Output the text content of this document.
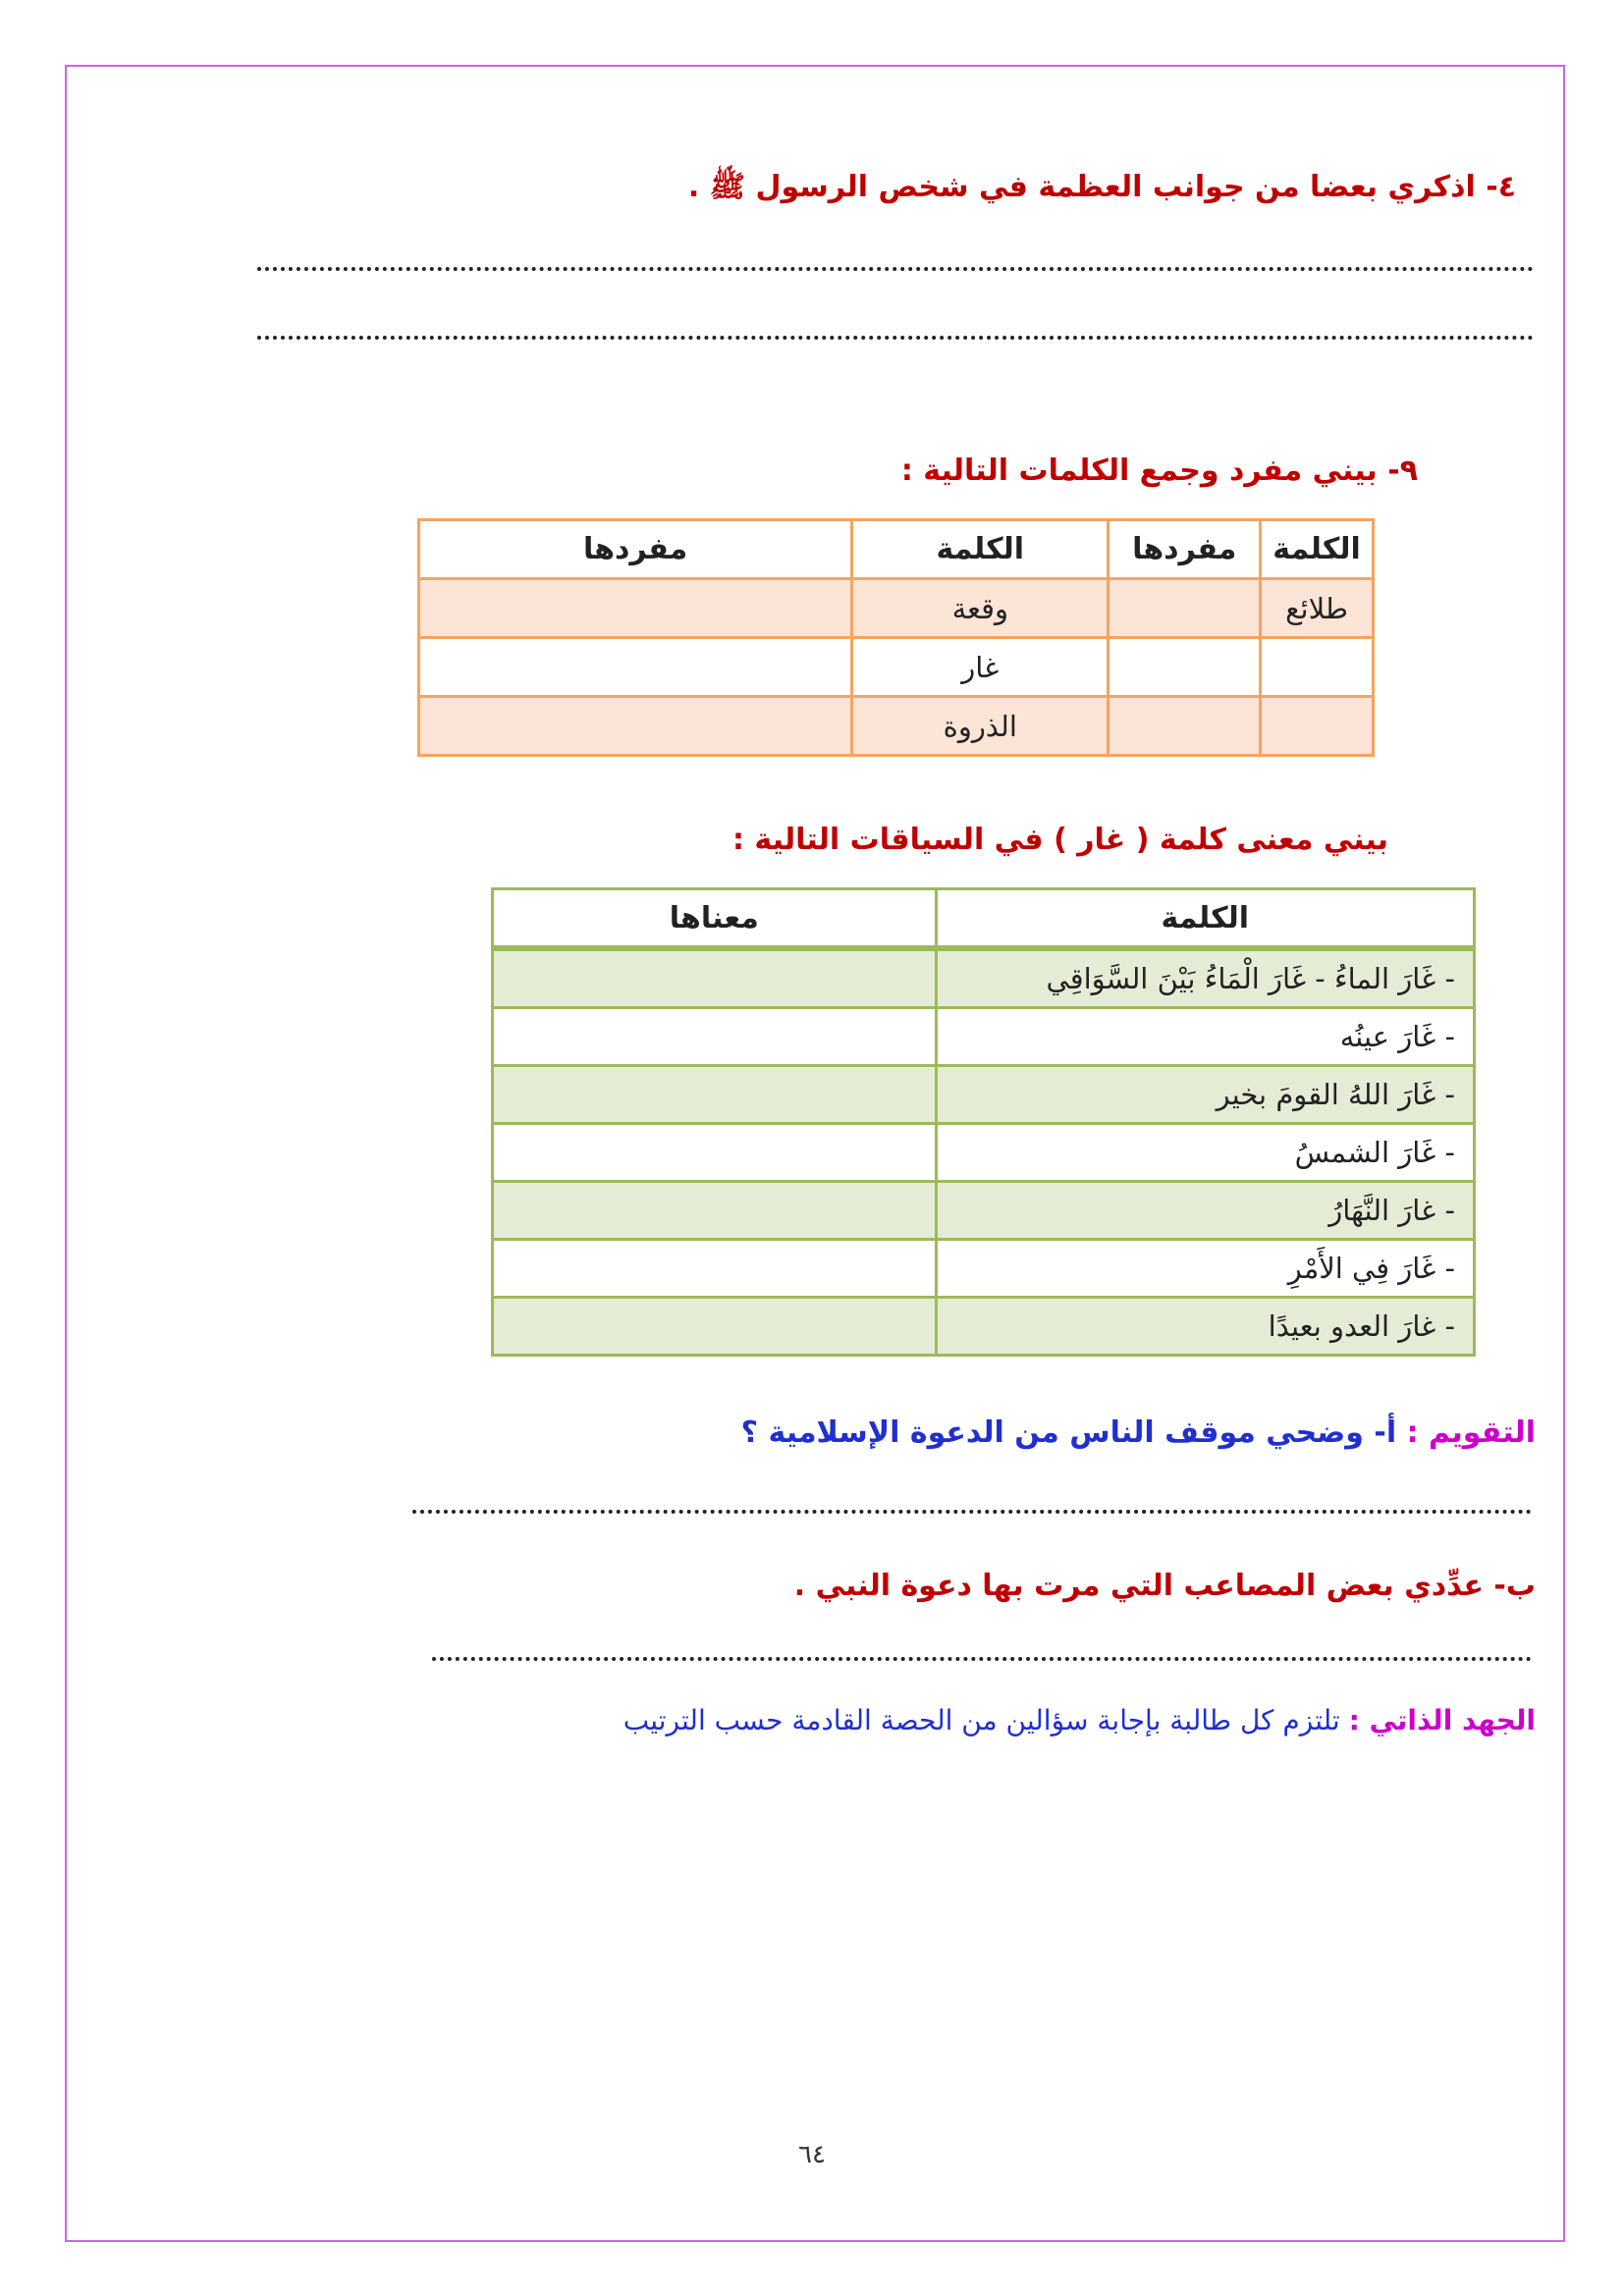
٤- اذكري بعضا من جوانب العظمة في شخص الرسول ﷺ .
٩- بيني مفرد وجمع الكلمات التالية :
الكلمة	مفردها	الكلمة	مفردها
طلائع		وقعة	
		غار	
		الذروة	
بيني معنى كلمة ( غار ) في السياقات التالية :
الكلمة	معناها
- غَارَ الماءُ - غَارَ الْمَاءُ بَيْنَ السَّوَاقِي	
- غَارَ عينُه	
- غَارَ اللهُ القومَ بخير	
- غَارَ الشمسُ	
- غارَ النَّهَارُ	
- غَارَ فِي الأَمْرِ	
- غارَ العدو بعيدًا	
التقويم : أ- وضحي موقف الناس من الدعوة الإسلامية ؟
ب- عدِّدي بعض المصاعب التي مرت بها دعوة النبي .
الجهد الذاتي : تلتزم كل طالبة بإجابة سؤالين من الحصة القادمة حسب الترتيب
٦٤
